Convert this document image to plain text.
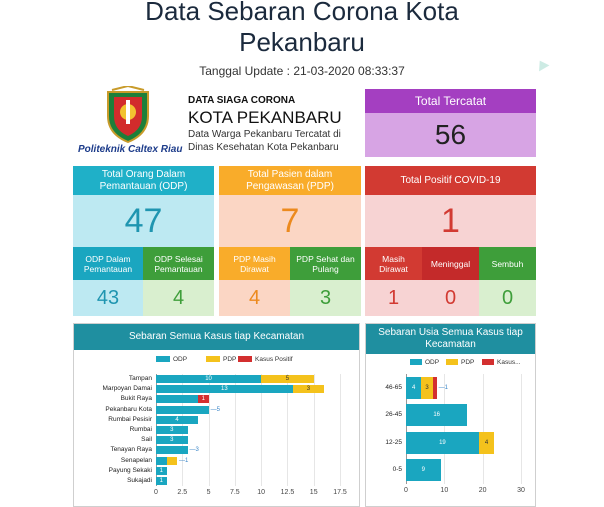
Data Sebaran Corona Kota
Pekanbaru
Tanggal Update : 21-03-2020 08:33:37
Politeknik Caltex Riau
DATA SIAGA CORONA
KOTA PEKANBARU
Data Warga Pekanbaru Tercatat di
Dinas Kesehatan Kota Pekanbaru
Total Tercatat
56
Total Orang Dalam Pemantauan (ODP)
47
ODP Dalam Pemantauan
ODP Selesai Pemantauan
43	4
Total Pasien dalam Pengawasan (PDP)
7
PDP Masih Dirawat
PDP Sehat dan Pulang
4	3
Total Positif COVID-19
1
Masih Dirawat	Meninggal	Sembuh
1	0	0
Sebaran Semua Kasus tiap Kecamatan
ODP	PDP	Kasus Positif
0	2.5	5	7.5	10	12.5	15	17.5
Tampan	10	5
Marpoyan Damai	13	3
Bukit Raya	1
Pekanbaru Kota	—5
Rumbai Pesisir	4
Rumbai	3
Sail	3
Tenayan Raya	—3
Senapelan	—1
Payung Sekaki	1
Sukajadi	1
Sebaran Usia Semua Kasus tiap Kecamatan
ODP	PDP	Kasus...
0	10	20	30
46-65	4	3	—1
26-45	16
12-25	19	4
0-5	9
